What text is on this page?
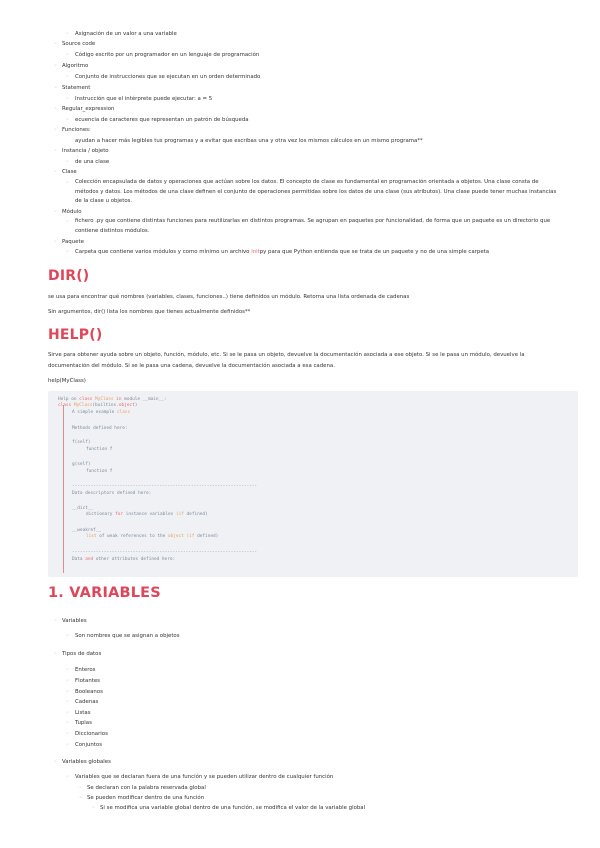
◦ Asignación de un valor a una variable
◦ Source code
◦ Código escrito por un programador en un lenguaje de programación
◦ Algoritmo
◦ Conjunto de instrucciones que se ejecutan en un orden determinado
◦ Statement
◦ Instrucción que el intérprete puede ejecutar: a = 5
◦ Regular_expression
◦ ecuencia de caracteres que representan un patrón de búsqueda
◦ Funciones:
ayudan a hacer más legibles tus programas y a evitar que escribas una y otra vez los mismos cálculos en un mismo programa**
◦ Instancia / objeto
◦ de una clase
◦ Clase
◦ Colección encapsulada de datos y operaciones que actúan sobre los datos. El concepto de clase es fundamental en programación orientada a objetos. Una clase consta de métodos y datos. Los métodos de una clase definen el conjunto de operaciones permitidas sobre los datos de una clase (sus atributos). Una clase puede tener muchas instancias de la clase u objetos.
◦ Módulo
◦ fichero .py que contiene distintas funciones para reutilizarlas en distintos programas. Se agrupan en paquetes por funcionalidad, de forma que un paquete es un directorio que contiene distintos módulos.
◦ Paquete
◦ Carpeta que contiene varios módulos y como mínimo un archivo initpy para que Python entienda que se trata de un paquete y no de una simple carpeta
DIR()
se usa para encontrar qué nombres (variables, clases, funciones..) tiene definidos un módulo. Retorna una lista ordenada de cadenas
Sin argumentos, dir() lista los nombres que tienes actualmente definidos**
HELP()
Sirve para obtener ayuda sobre un objeto, función, módulo, etc. Si se le pasa un objeto, devuelve la documentación asociada a ese objeto. Si se le pasa un módulo, devuelve la documentación del módulo. Si se le pasa una cadena, devuelve la documentación asociada a esa cadena.
help(MyClass)
Help on class MyClass in module __main__:
class MyClass(builtins.object)
A simple example class
Methods defined here:
f(self)
function f
g(self)
function f
----------------------------------------------------------------------
Data descriptors defined here:
__dict__
dictionary for instance variables (if defined)
__weakref__
list of weak references to the object (if defined)
----------------------------------------------------------------------
Data and other attributes defined here:
1. VARIABLES
◦ Variables
◦ Son nombres que se asignan a objetos
◦ Tipos de datos
◦ Enteros
◦ Flotantes
◦ Booleanos
◦ Cadenas
◦ Listas
◦ Tuplas
◦ Diccionarios
◦ Conjuntos
◦ Variables globales
◦ Variables que se declaran fuera de una función y se pueden utilizar dentro de cualquier función
◦ Se declaran con la palabra reservada global
◦ Se pueden modificar dentro de una función
◦ Si se modifica una variable global dentro de una función, se modifica el valor de la variable global
